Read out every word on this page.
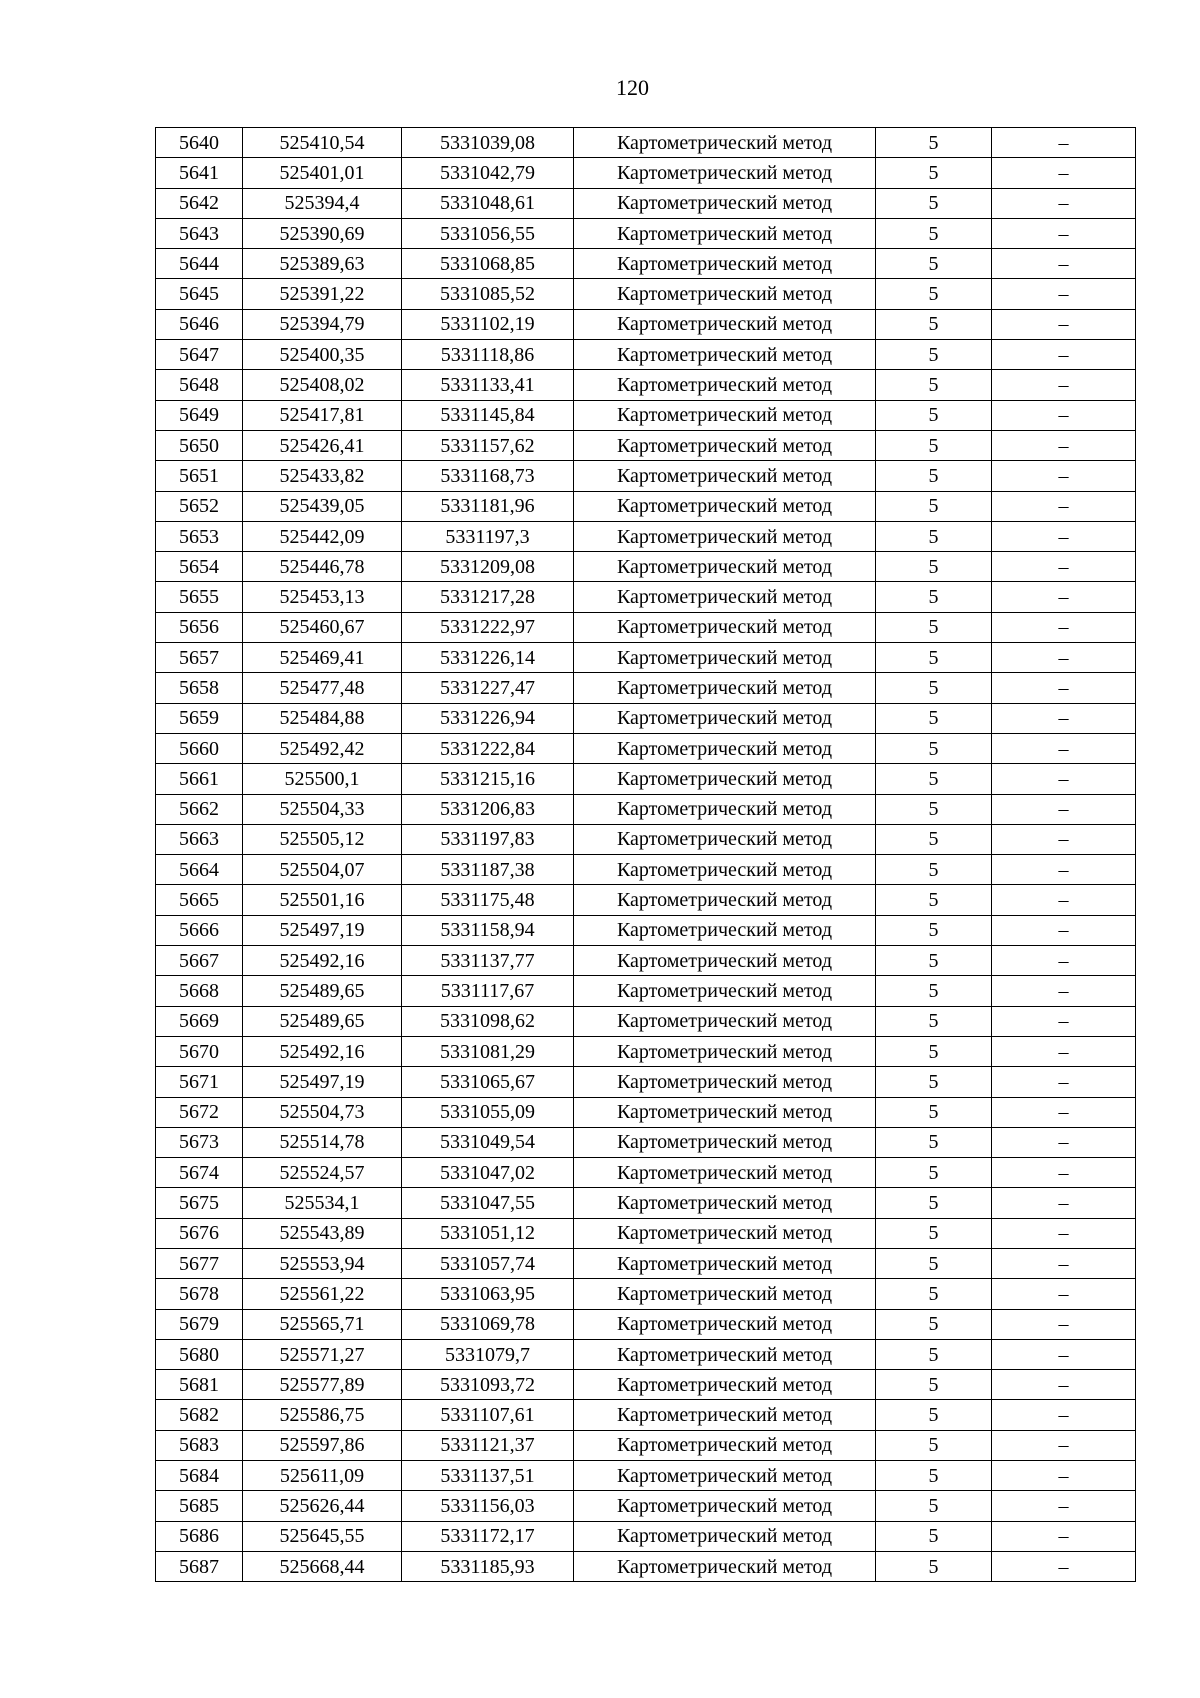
120
5640	525410,54	5331039,08	Картометрический метод	5	–
5641	525401,01	5331042,79	Картометрический метод	5	–
5642	525394,4	5331048,61	Картометрический метод	5	–
5643	525390,69	5331056,55	Картометрический метод	5	–
5644	525389,63	5331068,85	Картометрический метод	5	–
5645	525391,22	5331085,52	Картометрический метод	5	–
5646	525394,79	5331102,19	Картометрический метод	5	–
5647	525400,35	5331118,86	Картометрический метод	5	–
5648	525408,02	5331133,41	Картометрический метод	5	–
5649	525417,81	5331145,84	Картометрический метод	5	–
5650	525426,41	5331157,62	Картометрический метод	5	–
5651	525433,82	5331168,73	Картометрический метод	5	–
5652	525439,05	5331181,96	Картометрический метод	5	–
5653	525442,09	5331197,3	Картометрический метод	5	–
5654	525446,78	5331209,08	Картометрический метод	5	–
5655	525453,13	5331217,28	Картометрический метод	5	–
5656	525460,67	5331222,97	Картометрический метод	5	–
5657	525469,41	5331226,14	Картометрический метод	5	–
5658	525477,48	5331227,47	Картометрический метод	5	–
5659	525484,88	5331226,94	Картометрический метод	5	–
5660	525492,42	5331222,84	Картометрический метод	5	–
5661	525500,1	5331215,16	Картометрический метод	5	–
5662	525504,33	5331206,83	Картометрический метод	5	–
5663	525505,12	5331197,83	Картометрический метод	5	–
5664	525504,07	5331187,38	Картометрический метод	5	–
5665	525501,16	5331175,48	Картометрический метод	5	–
5666	525497,19	5331158,94	Картометрический метод	5	–
5667	525492,16	5331137,77	Картометрический метод	5	–
5668	525489,65	5331117,67	Картометрический метод	5	–
5669	525489,65	5331098,62	Картометрический метод	5	–
5670	525492,16	5331081,29	Картометрический метод	5	–
5671	525497,19	5331065,67	Картометрический метод	5	–
5672	525504,73	5331055,09	Картометрический метод	5	–
5673	525514,78	5331049,54	Картометрический метод	5	–
5674	525524,57	5331047,02	Картометрический метод	5	–
5675	525534,1	5331047,55	Картометрический метод	5	–
5676	525543,89	5331051,12	Картометрический метод	5	–
5677	525553,94	5331057,74	Картометрический метод	5	–
5678	525561,22	5331063,95	Картометрический метод	5	–
5679	525565,71	5331069,78	Картометрический метод	5	–
5680	525571,27	5331079,7	Картометрический метод	5	–
5681	525577,89	5331093,72	Картометрический метод	5	–
5682	525586,75	5331107,61	Картометрический метод	5	–
5683	525597,86	5331121,37	Картометрический метод	5	–
5684	525611,09	5331137,51	Картометрический метод	5	–
5685	525626,44	5331156,03	Картометрический метод	5	–
5686	525645,55	5331172,17	Картометрический метод	5	–
5687	525668,44	5331185,93	Картометрический метод	5	–
